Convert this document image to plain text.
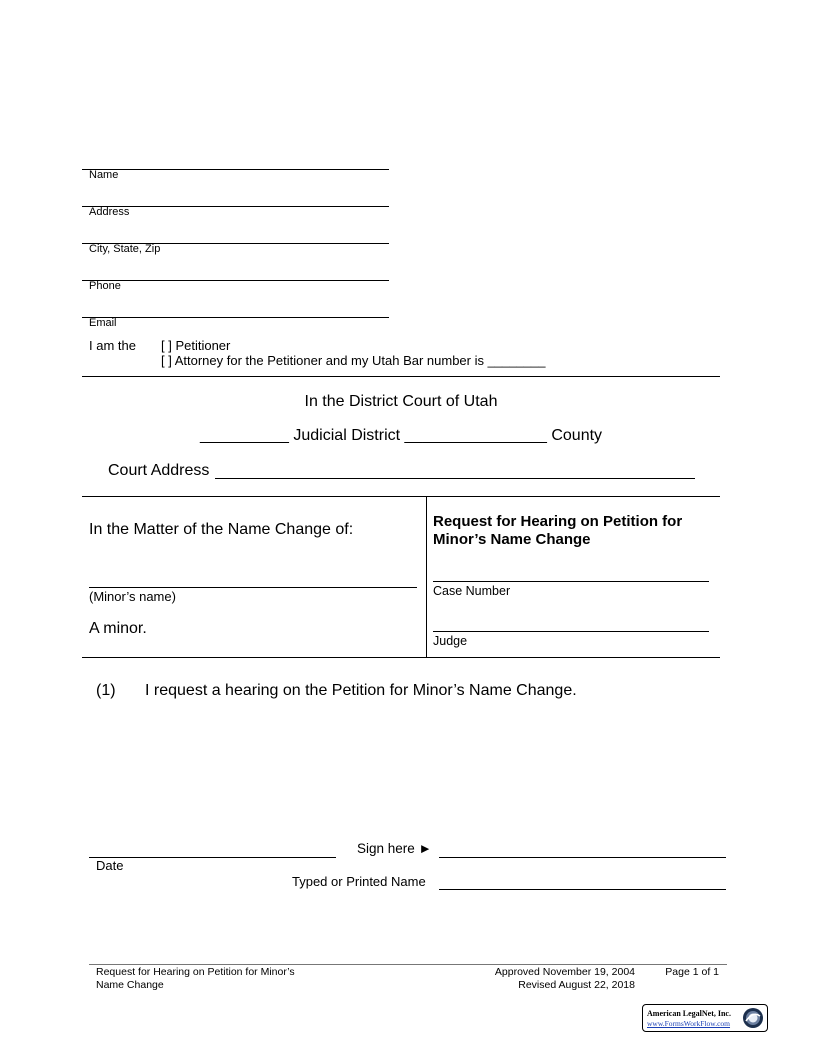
Name
Address
City, State, Zip
Phone
Email
I am the [ ] Petitioner
[ ] Attorney for the Petitioner and my Utah Bar number is ________
In the District Court of Utah
__________ Judicial District ________________ County
Court Address
In the Matter of the Name Change of:
(Minor’s name)
A minor.
Request for Hearing on Petition for Minor’s Name Change
Case Number
Judge
(1) I request a hearing on the Petition for Minor’s Name Change.
Sign here ►
Date
Typed or Printed Name
Request for Hearing on Petition for Minor’s
Name Change
Approved November 19, 2004
Revised August 22, 2018
Page 1 of 1
American LegalNet, Inc.
www.FormsWorkFlow.com
